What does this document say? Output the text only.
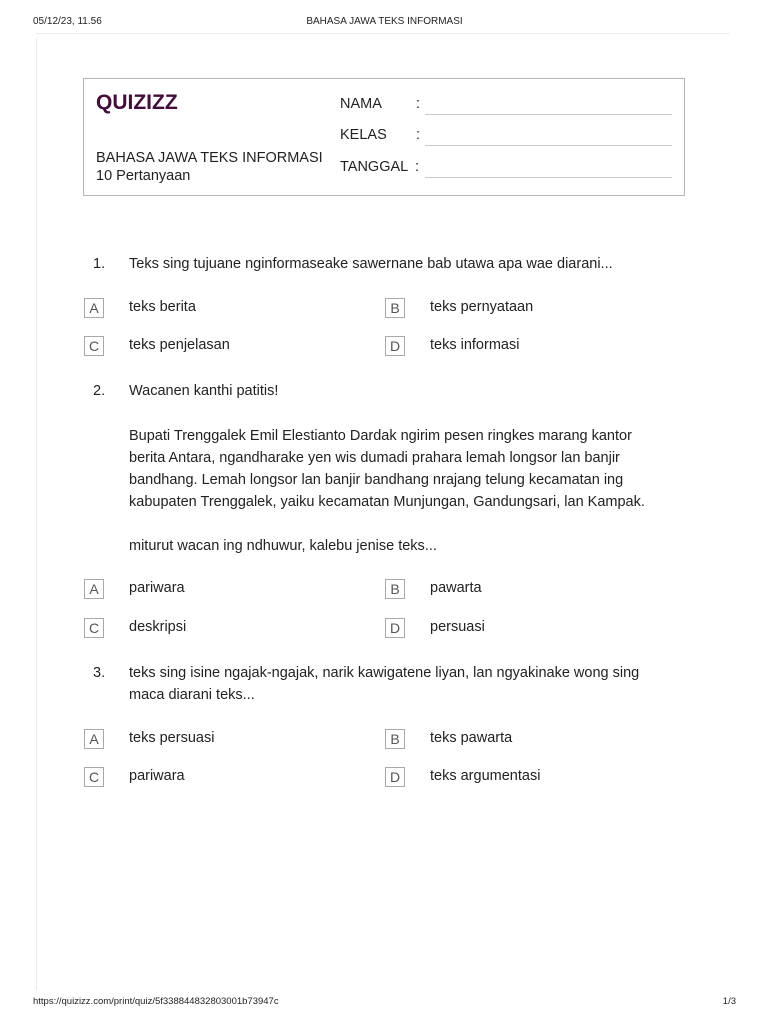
05/12/23, 11.56	BAHASA JAWA TEKS INFORMASI
QUIZIZZ
BAHASA JAWA TEKS INFORMASI
10 Pertanyaan
NAMA :
KELAS :
TANGGAL :
1. Teks sing tujuane nginformaseake sawernane bab utawa apa wae diarani...
A	teks berita	B	teks pernyataan
C	teks penjelasan	D	teks informasi
2. Wacanen kanthi patitis!
Bupati Trenggalek Emil Elestianto Dardak ngirim pesen ringkes marang kantor
berita Antara, ngandharake yen wis dumadi prahara lemah longsor lan banjir
bandhang. Lemah longsor lan banjir bandhang nrajang telung kecamatan ing
kabupaten Trenggalek, yaiku kecamatan Munjungan, Gandungsari, lan Kampak.
miturut wacan ing ndhuwur, kalebu jenise teks...
A	pariwara	B	pawarta
C	deskripsi	D	persuasi
3. teks sing isine ngajak-ngajak, narik kawigatene liyan, lan ngyakinake wong sing
maca diarani teks...
A	teks persuasi	B	teks pawarta
C	pariwara	D	teks argumentasi
https://quizizz.com/print/quiz/5f338844832803001b73947c	1/3
